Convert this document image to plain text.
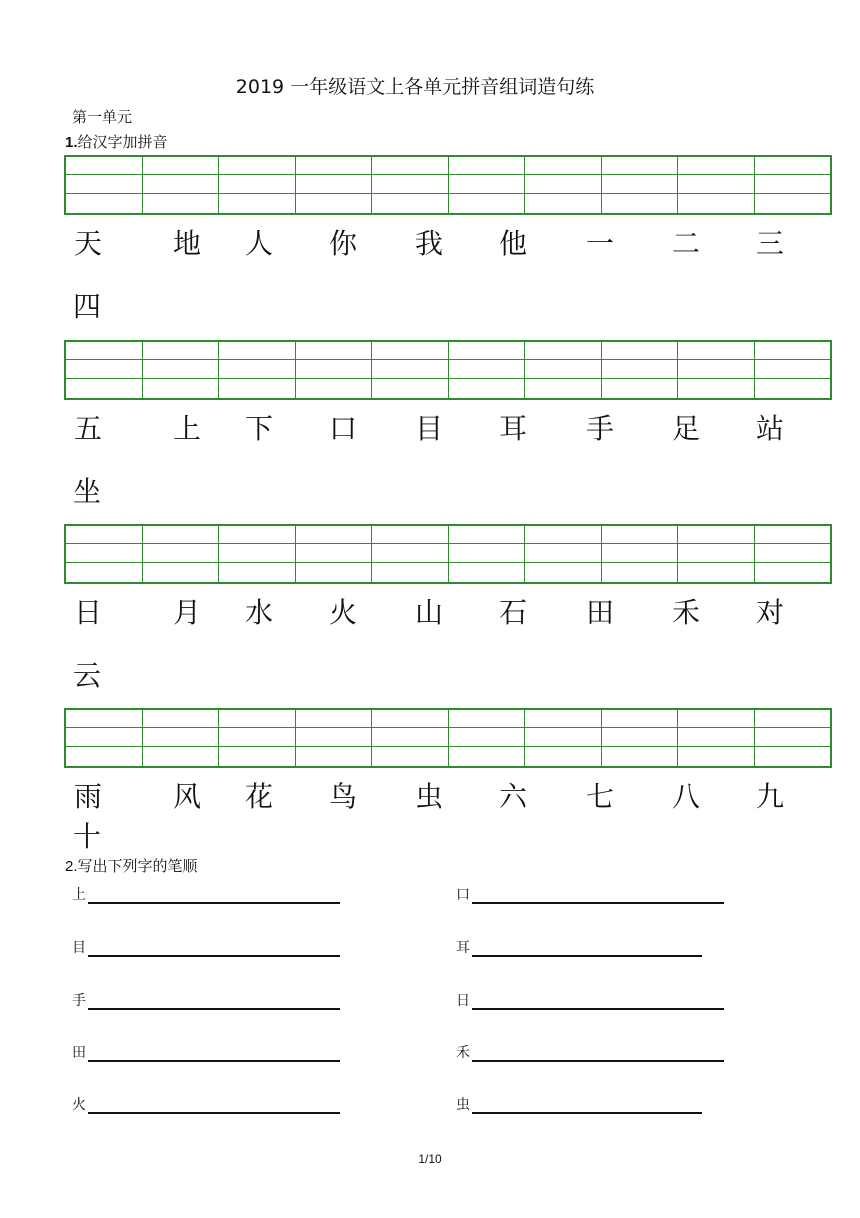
2019 一年级语文上各单元拼音组词造句练
第一单元
1.给汉字加拼音
天	地	人	你	我	他	一	二	三
四
五	上	下	口	目	耳	手	足	站
坐
日	月	水	火	山	石	田	禾	对
云
雨	风	花	鸟	虫	六	七	八	九
十
2.写出下列字的笔顺
上	口
目	耳
手	日
田	禾
火	虫
1/10
